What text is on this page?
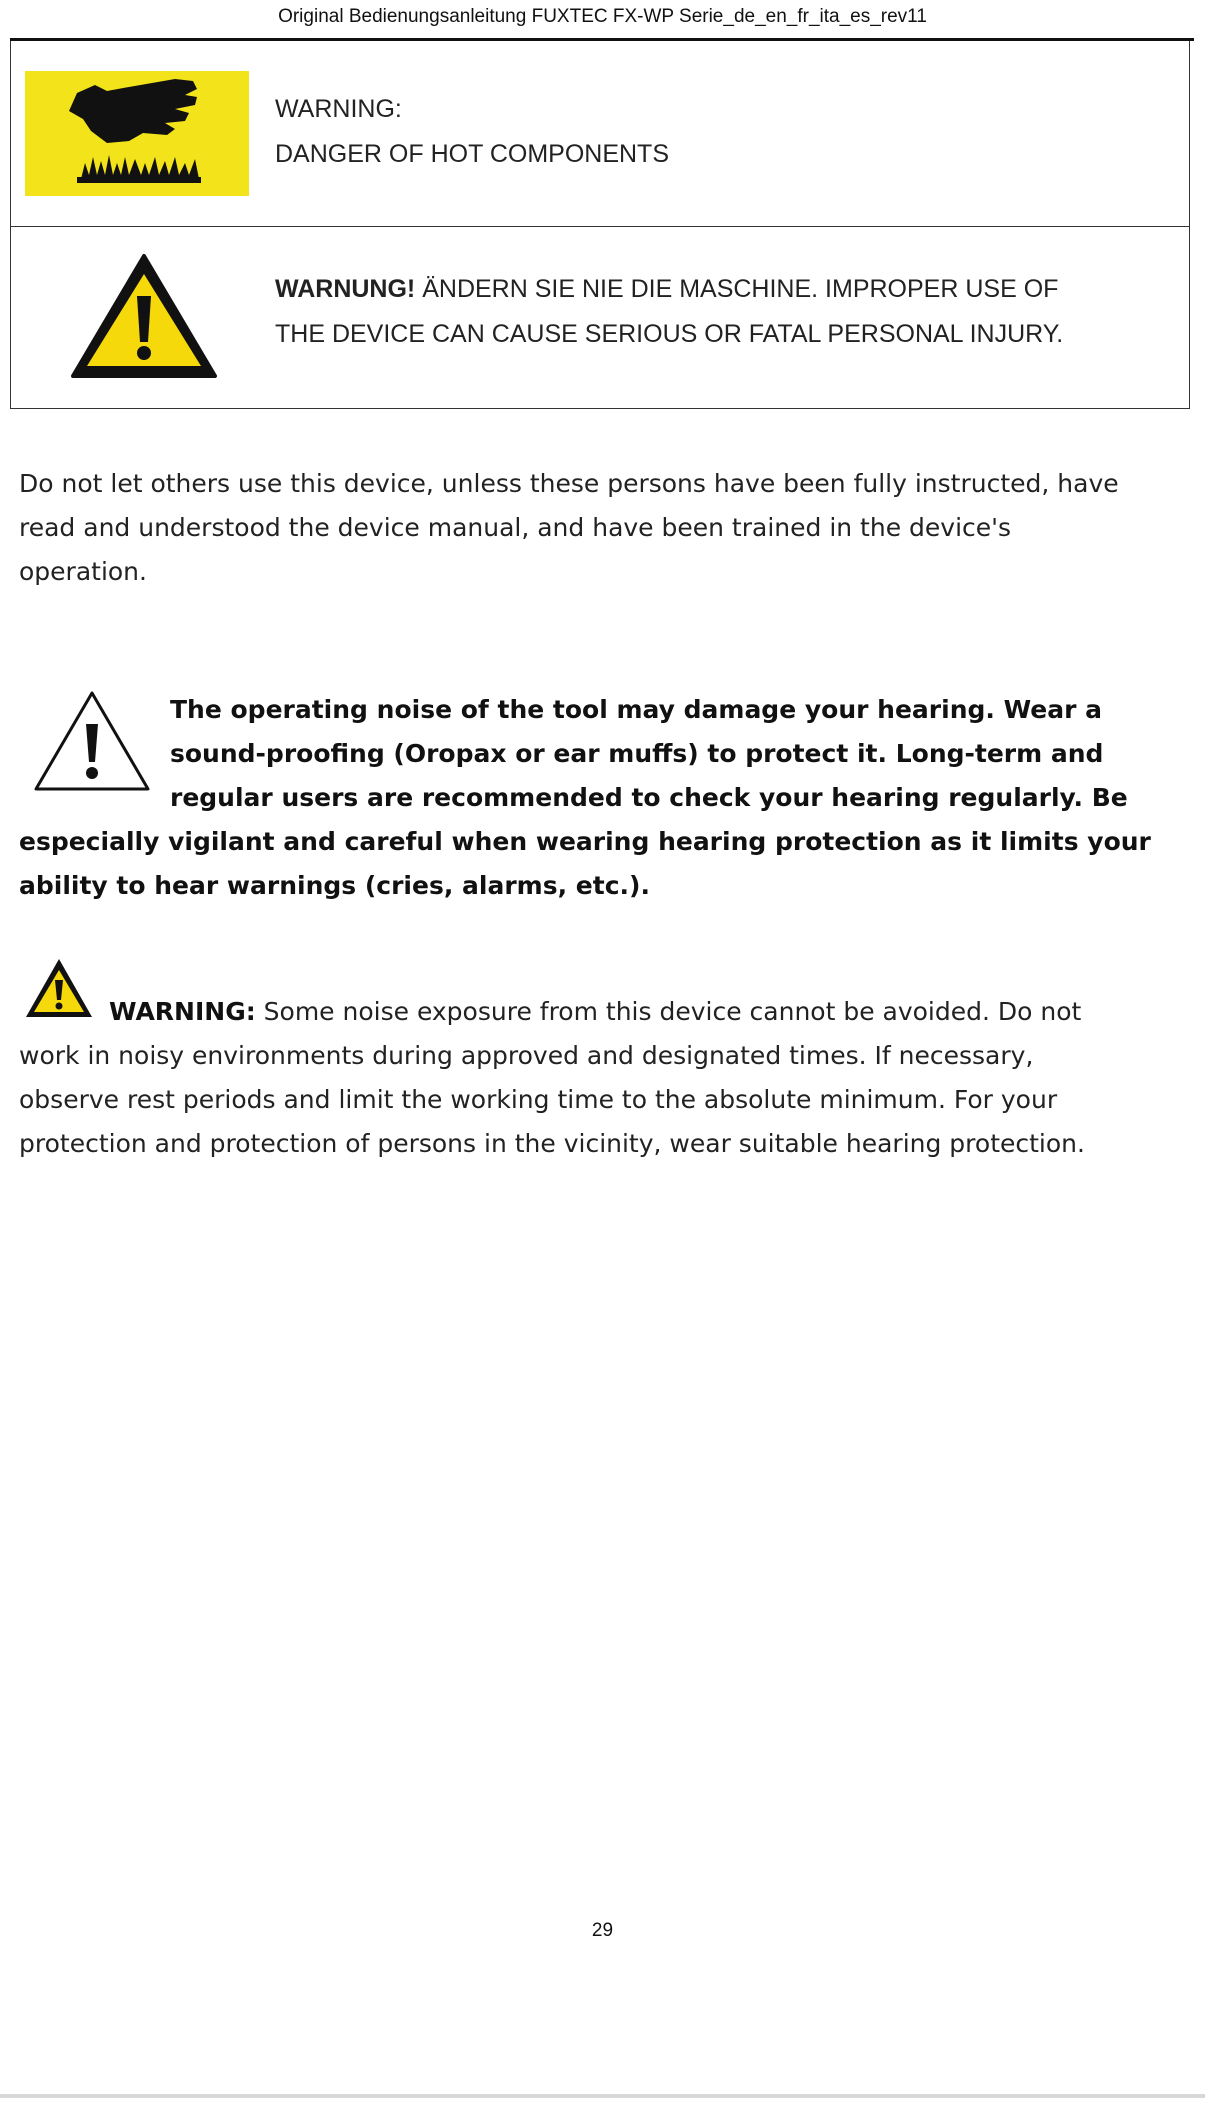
Original Bedienungsanleitung FUXTEC FX-WP Serie_de_en_fr_ita_es_rev11
WARNING:
DANGER OF HOT COMPONENTS
WARNUNG! ÄNDERN SIE NIE DIE MASCHINE. IMPROPER USE OF
THE DEVICE CAN CAUSE SERIOUS OR FATAL PERSONAL INJURY.
Do not let others use this device, unless these persons have been fully instructed, have
read and understood the device manual, and have been trained in the device's
operation.
The operating noise of the tool may damage your hearing. Wear a
sound-proofing (Oropax or ear muffs) to protect it. Long-term and
regular users are recommended to check your hearing regularly. Be
especially vigilant and careful when wearing hearing protection as it limits your
ability to hear warnings (cries, alarms, etc.).
WARNING: Some noise exposure from this device cannot be avoided. Do not
work in noisy environments during approved and designated times. If necessary,
observe rest periods and limit the working time to the absolute minimum. For your
protection and protection of persons in the vicinity, wear suitable hearing protection.
29
